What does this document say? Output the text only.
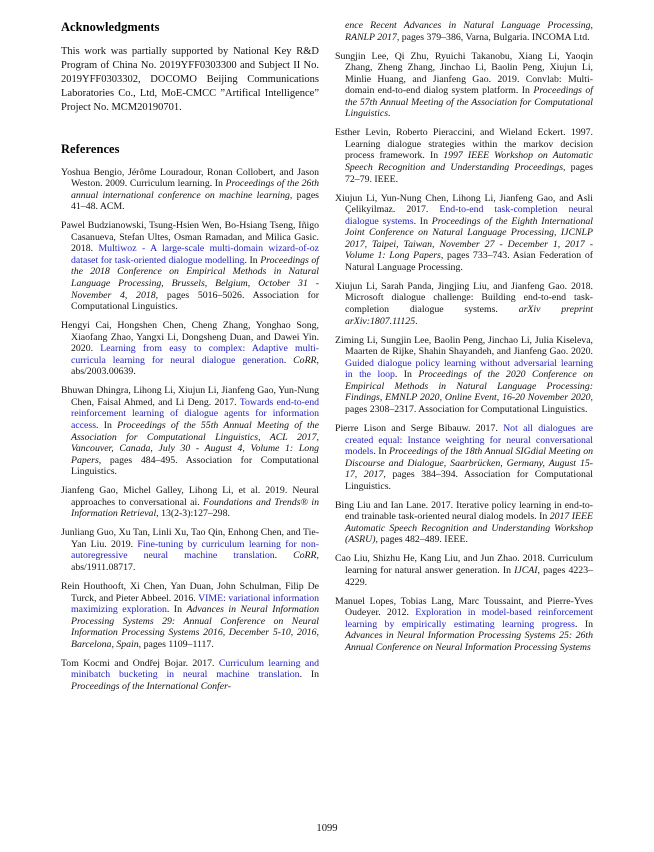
Acknowledgments

This work was partially supported by National Key R&D Program of China No. 2019YFF0303300 and Subject II No. 2019YFF0303302, DOCOMO Beijing Communications Laboratories Co., Ltd, MoE-CMCC ”Artifical Intelligence” Project No. MCM20190701.

References

Yoshua Bengio, Jérôme Louradour, Ronan Collobert, and Jason Weston. 2009. Curriculum learning. In Proceedings of the 26th annual international conference on machine learning, pages 41–48. ACM.

Pawel Budzianowski, Tsung-Hsien Wen, Bo-Hsiang Tseng, Iñigo Casanueva, Stefan Ultes, Osman Ramadan, and Milica Gasic. 2018. Multiwoz - A large-scale multi-domain wizard-of-oz dataset for task-oriented dialogue modelling. In Proceedings of the 2018 Conference on Empirical Methods in Natural Language Processing, Brussels, Belgium, October 31 - November 4, 2018, pages 5016–5026. Association for Computational Linguistics.

Hengyi Cai, Hongshen Chen, Cheng Zhang, Yonghao Song, Xiaofang Zhao, Yangxi Li, Dongsheng Duan, and Dawei Yin. 2020. Learning from easy to complex: Adaptive multi-curricula learning for neural dialogue generation. CoRR, abs/2003.00639.

Bhuwan Dhingra, Lihong Li, Xiujun Li, Jianfeng Gao, Yun-Nung Chen, Faisal Ahmed, and Li Deng. 2017. Towards end-to-end reinforcement learning of dialogue agents for information access. In Proceedings of the 55th Annual Meeting of the Association for Computational Linguistics, ACL 2017, Vancouver, Canada, July 30 - August 4, Volume 1: Long Papers, pages 484–495. Association for Computational Linguistics.

Jianfeng Gao, Michel Galley, Lihong Li, et al. 2019. Neural approaches to conversational ai. Foundations and Trends® in Information Retrieval, 13(2-3):127–298.

Junliang Guo, Xu Tan, Linli Xu, Tao Qin, Enhong Chen, and Tie-Yan Liu. 2019. Fine-tuning by curriculum learning for non-autoregressive neural machine translation. CoRR, abs/1911.08717.

Rein Houthooft, Xi Chen, Yan Duan, John Schulman, Filip De Turck, and Pieter Abbeel. 2016. VIME: variational information maximizing exploration. In Advances in Neural Information Processing Systems 29: Annual Conference on Neural Information Processing Systems 2016, December 5-10, 2016, Barcelona, Spain, pages 1109–1117.

Tom Kocmi and Ondřej Bojar. 2017. Curriculum learning and minibatch bucketing in neural machine translation. In Proceedings of the International Confer-

ence Recent Advances in Natural Language Processing, RANLP 2017, pages 379–386, Varna, Bulgaria. INCOMA Ltd.

Sungjin Lee, Qi Zhu, Ryuichi Takanobu, Xiang Li, Yaoqin Zhang, Zheng Zhang, Jinchao Li, Baolin Peng, Xiujun Li, Minlie Huang, and Jianfeng Gao. 2019. Convlab: Multi-domain end-to-end dialog system platform. In Proceedings of the 57th Annual Meeting of the Association for Computational Linguistics.

Esther Levin, Roberto Pieraccini, and Wieland Eckert. 1997. Learning dialogue strategies within the markov decision process framework. In 1997 IEEE Workshop on Automatic Speech Recognition and Understanding Proceedings, pages 72–79. IEEE.

Xiujun Li, Yun-Nung Chen, Lihong Li, Jianfeng Gao, and Asli Çelikyilmaz. 2017. End-to-end task-completion neural dialogue systems. In Proceedings of the Eighth International Joint Conference on Natural Language Processing, IJCNLP 2017, Taipei, Taiwan, November 27 - December 1, 2017 - Volume 1: Long Papers, pages 733–743. Asian Federation of Natural Language Processing.

Xiujun Li, Sarah Panda, Jingjing Liu, and Jianfeng Gao. 2018. Microsoft dialogue challenge: Building end-to-end task-completion dialogue systems. arXiv preprint arXiv:1807.11125.

Ziming Li, Sungjin Lee, Baolin Peng, Jinchao Li, Julia Kiseleva, Maarten de Rijke, Shahin Shayandeh, and Jianfeng Gao. 2020. Guided dialogue policy learning without adversarial learning in the loop. In Proceedings of the 2020 Conference on Empirical Methods in Natural Language Processing: Findings, EMNLP 2020, Online Event, 16-20 November 2020, pages 2308–2317. Association for Computational Linguistics.

Pierre Lison and Serge Bibauw. 2017. Not all dialogues are created equal: Instance weighting for neural conversational models. In Proceedings of the 18th Annual SIGdial Meeting on Discourse and Dialogue, Saarbrücken, Germany, August 15-17, 2017, pages 384–394. Association for Computational Linguistics.

Bing Liu and Ian Lane. 2017. Iterative policy learning in end-to-end trainable task-oriented neural dialog models. In 2017 IEEE Automatic Speech Recognition and Understanding Workshop (ASRU), pages 482–489. IEEE.

Cao Liu, Shizhu He, Kang Liu, and Jun Zhao. 2018. Curriculum learning for natural answer generation. In IJCAI, pages 4223–4229.

Manuel Lopes, Tobias Lang, Marc Toussaint, and Pierre-Yves Oudeyer. 2012. Exploration in model-based reinforcement learning by empirically estimating learning progress. In Advances in Neural Information Processing Systems 25: 26th Annual Conference on Neural Information Processing Systems

1099
